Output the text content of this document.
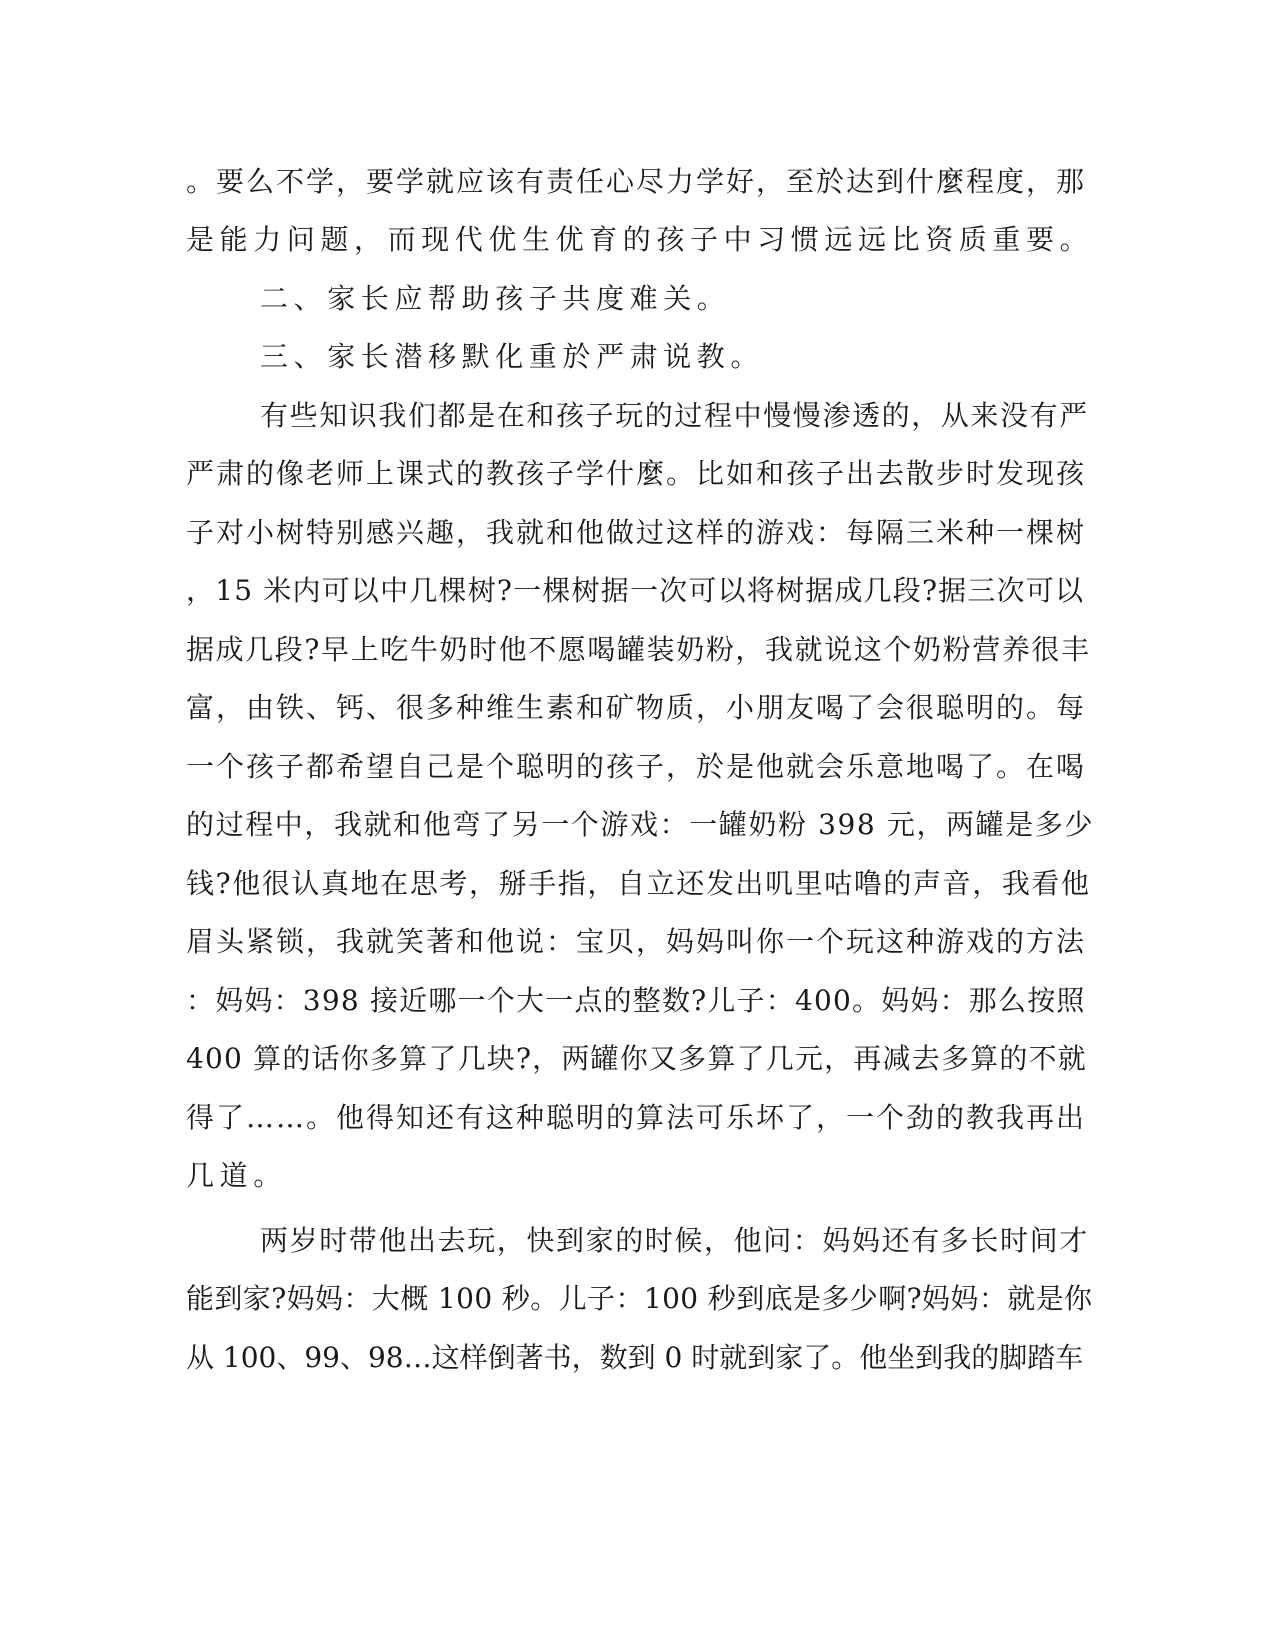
。要么不学，要学就应该有责任心尽力学好，至於达到什麼程度，那
是能力问题，而现代优生优育的孩子中习惯远远比资质重要。
二、家长应帮助孩子共度难关。
三、家长潜移默化重於严肃说教。
有些知识我们都是在和孩子玩的过程中慢慢渗透的，从来没有严
严肃的像老师上课式的教孩子学什麼。比如和孩子出去散步时发现孩
子对小树特别感兴趣，我就和他做过这样的游戏：每隔三米种一棵树
，15 米内可以中几棵树?一棵树据一次可以将树据成几段?据三次可以
据成几段?早上吃牛奶时他不愿喝罐装奶粉，我就说这个奶粉营养很丰
富，由铁、钙、很多种维生素和矿物质，小朋友喝了会很聪明的。每
一个孩子都希望自己是个聪明的孩子，於是他就会乐意地喝了。在喝
的过程中，我就和他弯了另一个游戏：一罐奶粉 398 元，两罐是多少
钱?他很认真地在思考，掰手指，自立还发出叽里咕噜的声音，我看他
眉头紧锁，我就笑著和他说：宝贝，妈妈叫你一个玩这种游戏的方法
：妈妈：398 接近哪一个大一点的整数?儿子：400。妈妈：那么按照
400 算的话你多算了几块?，两罐你又多算了几元，再减去多算的不就
得了……。他得知还有这种聪明的算法可乐坏了，一个劲的教我再出
几道。
两岁时带他出去玩，快到家的时候，他问：妈妈还有多长时间才
能到家?妈妈：大概 100 秒。儿子：100 秒到底是多少啊?妈妈：就是你
从 100、99、98…这样倒著书，数到 0 时就到家了。他坐到我的脚踏车
